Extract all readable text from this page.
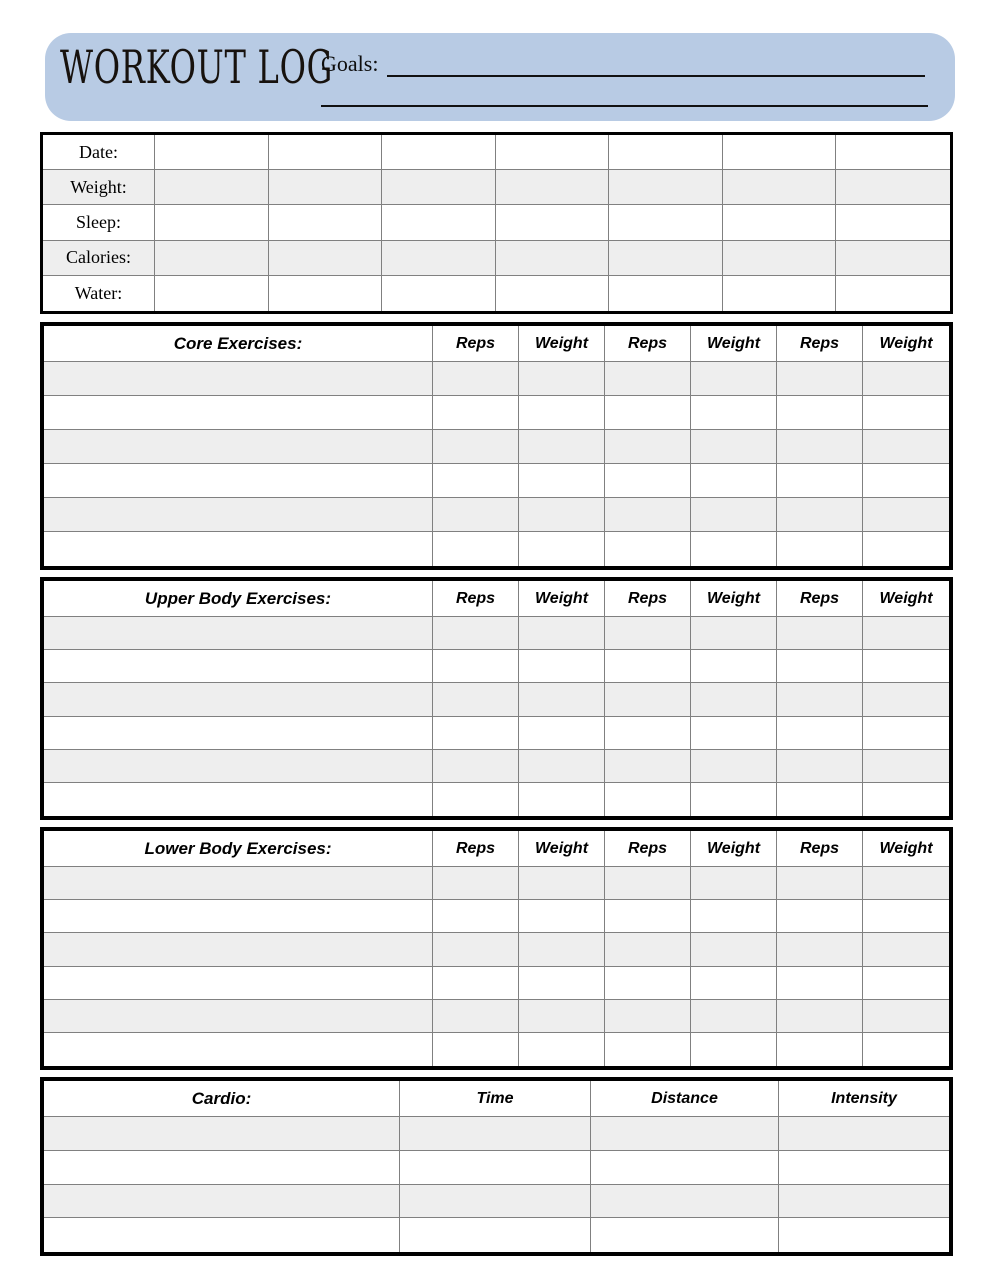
WORKOUT LOG
Goals:
Date:
Weight:
Sleep:
Calories:
Water:
Core Exercises:	Reps	Weight	Reps	Weight	Reps	Weight
Upper Body Exercises:	Reps	Weight	Reps	Weight	Reps	Weight
Lower Body Exercises:	Reps	Weight	Reps	Weight	Reps	Weight
Cardio:	Time	Distance	Intensity
